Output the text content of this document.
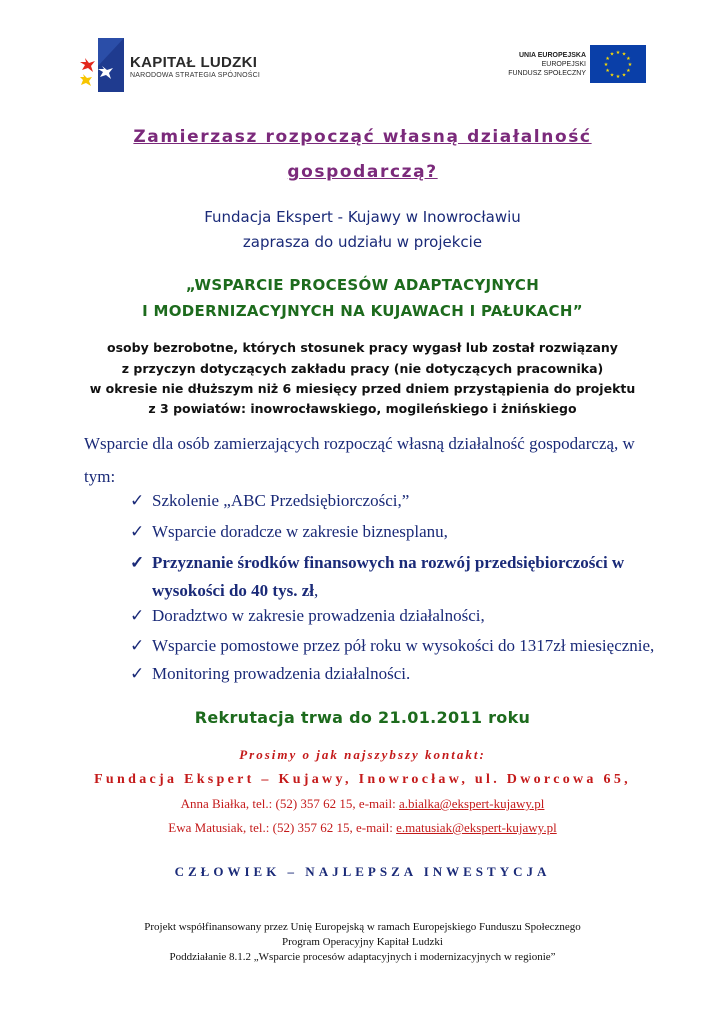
KAPITAŁ LUDZKI
NARODOWA STRATEGIA SPÓJNOŚCI
UNIA EUROPEJSKA
EUROPEJSKI
FUNDUSZ SPOŁECZNY
★ ★
★
★
★
★
★
★
★
★
★
★
Zamierzasz rozpocząć własną działalność
gospodarczą?
Fundacja Ekspert - Kujawy w Inowrocławiu
zaprasza do udziału w projekcie
„WSPARCIE PROCESÓW ADAPTACYJNYCH
I MODERNIZACYJNYCH NA KUJAWACH I PAŁUKACH”
osoby bezrobotne, których stosunek pracy wygasł lub został rozwiązany
z przyczyn dotyczących zakładu pracy (nie dotyczących pracownika)
w okresie nie dłuższym niż 6 miesięcy przed dniem przystąpienia do projektu
z 3 powiatów: inowrocławskiego, mogileńskiego i żnińskiego
Wsparcie dla osób zamierzających rozpocząć własną działalność gospodarczą, w
tym:
✓ Szkolenie „ABC Przedsiębiorczości,”
✓ Wsparcie doradcze w zakresie biznesplanu,
✓ Przyznanie środków finansowych na rozwój przedsiębiorczości w
wysokości do 40 tys. zł,
✓ Doradztwo w zakresie prowadzenia działalności,
✓ Wsparcie pomostowe przez pół roku w wysokości do 1317zł miesięcznie,
✓ Monitoring prowadzenia działalności.
Rekrutacja trwa do 21.01.2011 roku
Prosimy o jak najszybszy kontakt:
Fundacja Ekspert – Kujawy, Inowrocław, ul. Dworcowa 65,
Anna Białka, tel.: (52) 357 62 15, e-mail: a.bialka@ekspert-kujawy.pl
Ewa Matusiak, tel.: (52) 357 62 15, e-mail: e.matusiak@ekspert-kujawy.pl
CZŁOWIEK – NAJLEPSZA INWESTYCJA
Projekt współfinansowany przez Unię Europejską w ramach Europejskiego Funduszu Społecznego
Program Operacyjny Kapitał Ludzki
Poddziałanie 8.1.2 „Wsparcie procesów adaptacyjnych i modernizacyjnych w regionie”
